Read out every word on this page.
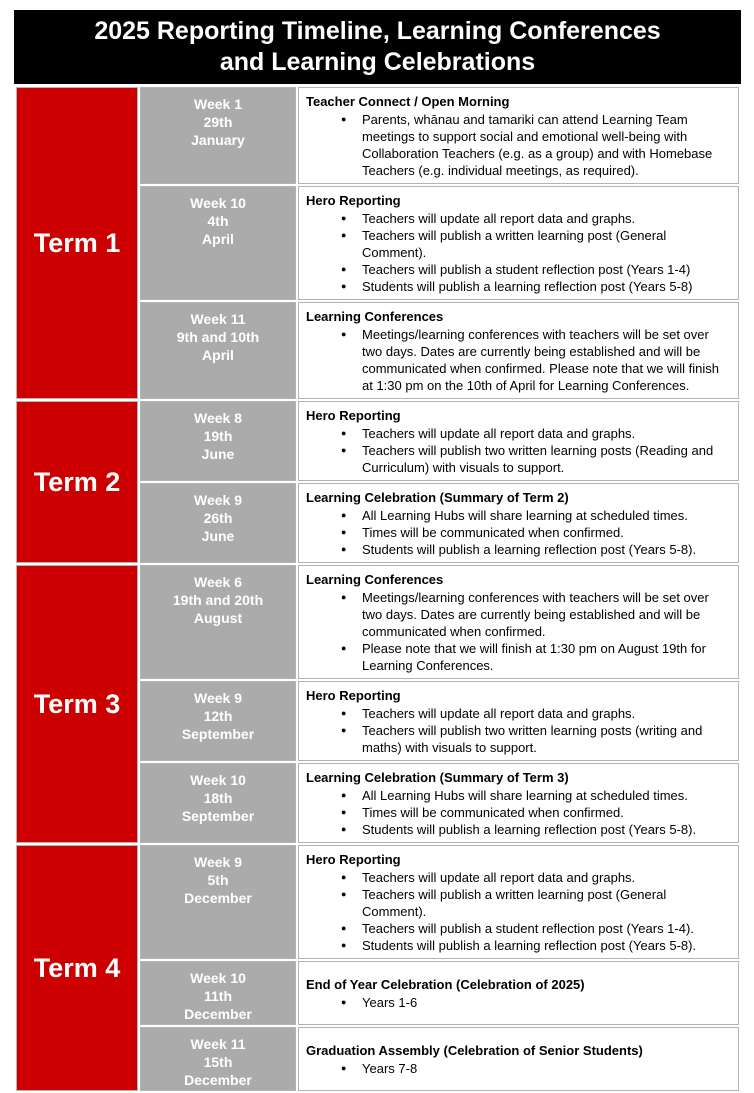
2025 Reporting Timeline, Learning Conferences
and Learning Celebrations
Term 1	
Week 1
29th
January

Teacher Connect / Open Morning
● Parents, whānau and tamariki can attend Learning Team meetings to support social and emotional well-being with Collaboration Teachers (e.g. as a group) and with Homebase Teachers (e.g. individual meetings, as required).

Week 10
4th
April

Hero Reporting
● Teachers will update all report data and graphs.
● Teachers will publish a written learning post (General Comment).
● Teachers will publish a student reflection post (Years 1-4)
● Students will publish a learning reflection post (Years 5-8)

Week 11
9th and 10th
April

Learning Conferences
● Meetings/learning conferences with teachers will be set over two days. Dates are currently being established and will be communicated when confirmed. Please note that we will finish at 1:30 pm on the 10th of April for Learning Conferences.

Term 2	
Week 8
19th
June

Hero Reporting
● Teachers will update all report data and graphs.
● Teachers will publish two written learning posts (Reading and Curriculum) with visuals to support.

Week 9
26th
June

Learning Celebration (Summary of Term 2)
● All Learning Hubs will share learning at scheduled times.
● Times will be communicated when confirmed.
● Students will publish a learning reflection post (Years 5-8).

Term 3	
Week 6
19th and 20th
August

Learning Conferences
● Meetings/learning conferences with teachers will be set over two days. Dates are currently being established and will be communicated when confirmed.
● Please note that we will finish at 1:30 pm on August 19th for Learning Conferences.

Week 9
12th
September

Hero Reporting
● Teachers will update all report data and graphs.
● Teachers will publish two written learning posts (writing and maths) with visuals to support.

Week 10
18th
September

Learning Celebration (Summary of Term 3)
● All Learning Hubs will share learning at scheduled times.
● Times will be communicated when confirmed.
● Students will publish a learning reflection post (Years 5-8).

Term 4	
Week 9
5th
December

Hero Reporting
● Teachers will update all report data and graphs.
● Teachers will publish a written learning post (General Comment).
● Teachers will publish a student reflection post (Years 1-4).
● Students will publish a learning reflection post (Years 5-8).

Week 10
11th
December

End of Year Celebration (Celebration of 2025)
● Years 1-6

Week 11
15th
December

Graduation Assembly (Celebration of Senior Students)
● Years 7-8
